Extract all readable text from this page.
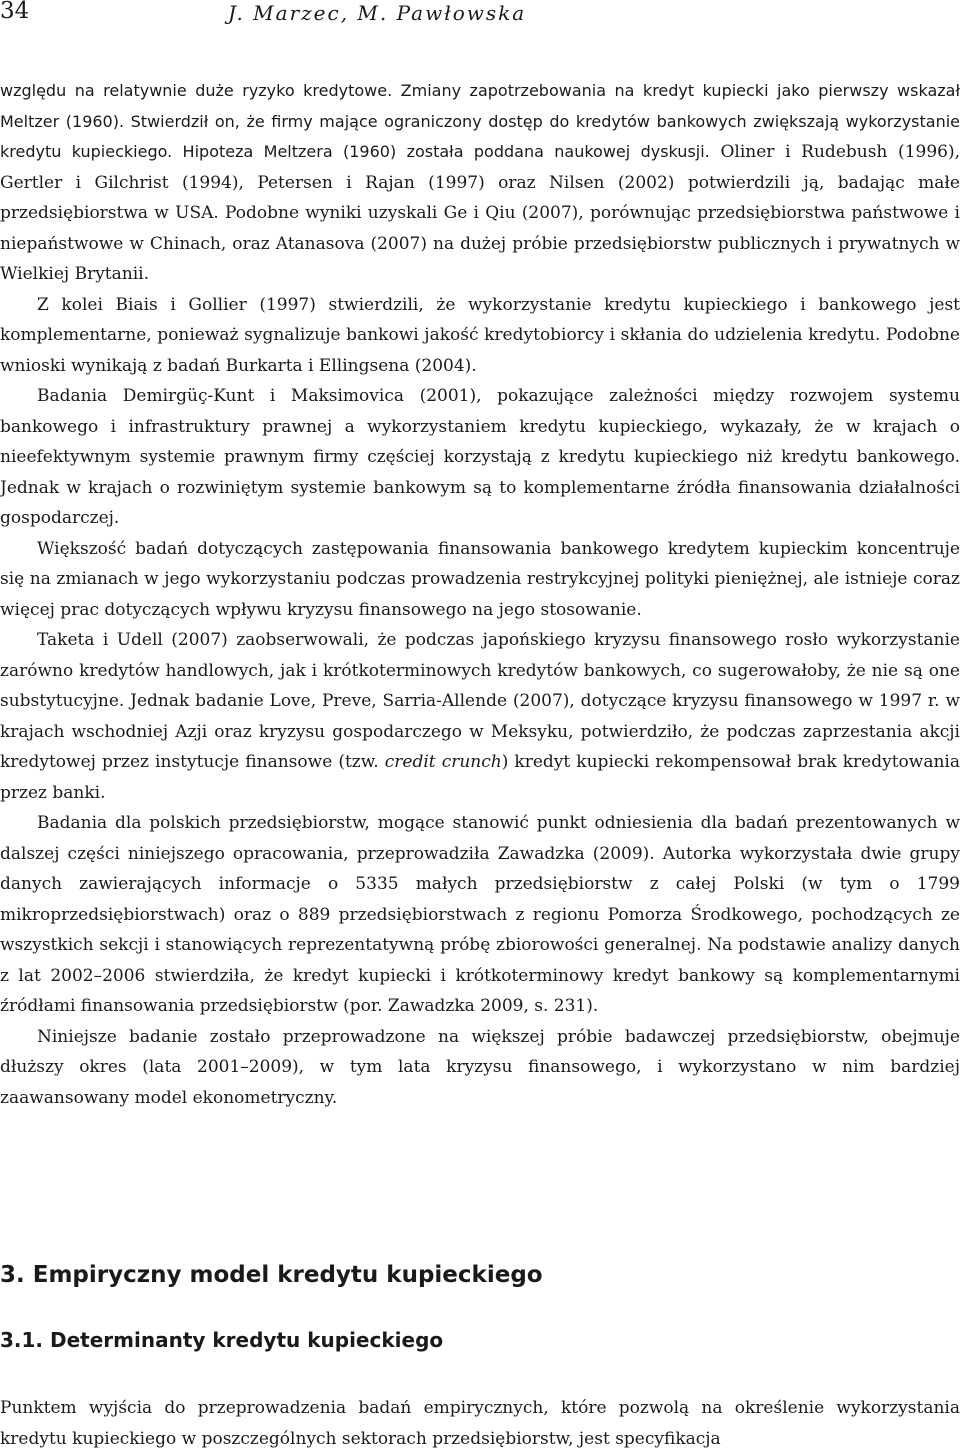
34	J. Marzec, M. Pawłowska

względu na relatywnie duże ryzyko kredytowe. Zmiany zapotrzebowania na kredyt kupiecki jako pierwszy wskazał Meltzer (1960). Stwierdził on, że firmy mające ograniczony dostęp do kredytów bankowych zwiększają wykorzystanie kredytu kupieckiego. Hipoteza Meltzera (1960) została poddana naukowej dyskusji. Oliner i Rudebush (1996), Gertler i Gilchrist (1994), Petersen i Rajan (1997) oraz Nilsen (2002) potwierdzili ją, badając małe przedsiębiorstwa w USA. Podobne wyniki uzyskali Ge i Qiu (2007), porównując przedsiębiorstwa państwowe i niepaństwowe w Chinach, oraz Atanasova (2007) na dużej próbie przedsiębiorstw publicznych i prywatnych w Wielkiej Brytanii.

Z kolei Biais i Gollier (1997) stwierdzili, że wykorzystanie kredytu kupieckiego i bankowego jest komplementarne, ponieważ sygnalizuje bankowi jakość kredytobiorcy i skłania do udzielenia kredytu. Podobne wnioski wynikają z badań Burkarta i Ellingsena (2004).

Badania Demirgüç-Kunt i Maksimovica (2001), pokazujące zależności między rozwojem systemu bankowego i infrastruktury prawnej a wykorzystaniem kredytu kupieckiego, wykazały, że w krajach o nieefektywnym systemie prawnym firmy częściej korzystają z kredytu kupieckiego niż kredytu bankowego. Jednak w krajach o rozwiniętym systemie bankowym są to komplementarne źródła finansowania działalności gospodarczej.

Większość badań dotyczących zastępowania finansowania bankowego kredytem kupieckim koncentruje się na zmianach w jego wykorzystaniu podczas prowadzenia restrykcyjnej polityki pieniężnej, ale istnieje coraz więcej prac dotyczących wpływu kryzysu finansowego na jego stosowanie.

Taketa i Udell (2007) zaobserwowali, że podczas japońskiego kryzysu finansowego rosło wykorzystanie zarówno kredytów handlowych, jak i krótkoterminowych kredytów bankowych, co sugerowałoby, że nie są one substytucyjne. Jednak badanie Love, Preve, Sarria-Allende (2007), dotyczące kryzysu finansowego w 1997 r. w krajach wschodniej Azji oraz kryzysu gospodarczego w Meksyku, potwierdziło, że podczas zaprzestania akcji kredytowej przez instytucje finansowe (tzw. credit crunch) kredyt kupiecki rekompensował brak kredytowania przez banki.

Badania dla polskich przedsiębiorstw, mogące stanowić punkt odniesienia dla badań prezentowanych w dalszej części niniejszego opracowania, przeprowadziła Zawadzka (2009). Autorka wykorzystała dwie grupy danych zawierających informacje o 5335 małych przedsiębiorstw z całej Polski (w tym o 1799 mikroprzedsiębiorstwach) oraz o 889 przedsiębiorstwach z regionu Pomorza Środkowego, pochodzących ze wszystkich sekcji i stanowiących reprezentatywną próbę zbiorowości generalnej. Na podstawie analizy danych z lat 2002–2006 stwierdziła, że kredyt kupiecki i krótkoterminowy kredyt bankowy są komplementarnymi źródłami finansowania przedsiębiorstw (por. Zawadzka 2009, s. 231).

Niniejsze badanie zostało przeprowadzone na większej próbie badawczej przedsiębiorstw, obejmuje dłuższy okres (lata 2001–2009), w tym lata kryzysu finansowego, i wykorzystano w nim bardziej zaawansowany model ekonometryczny.

3. Empiryczny model kredytu kupieckiego
3.1. Determinanty kredytu kupieckiego

Punktem wyjścia do przeprowadzenia badań empirycznych, które pozwolą na określenie wykorzystania kredytu kupieckiego w poszczególnych sektorach przedsiębiorstw, jest specyfikacja
